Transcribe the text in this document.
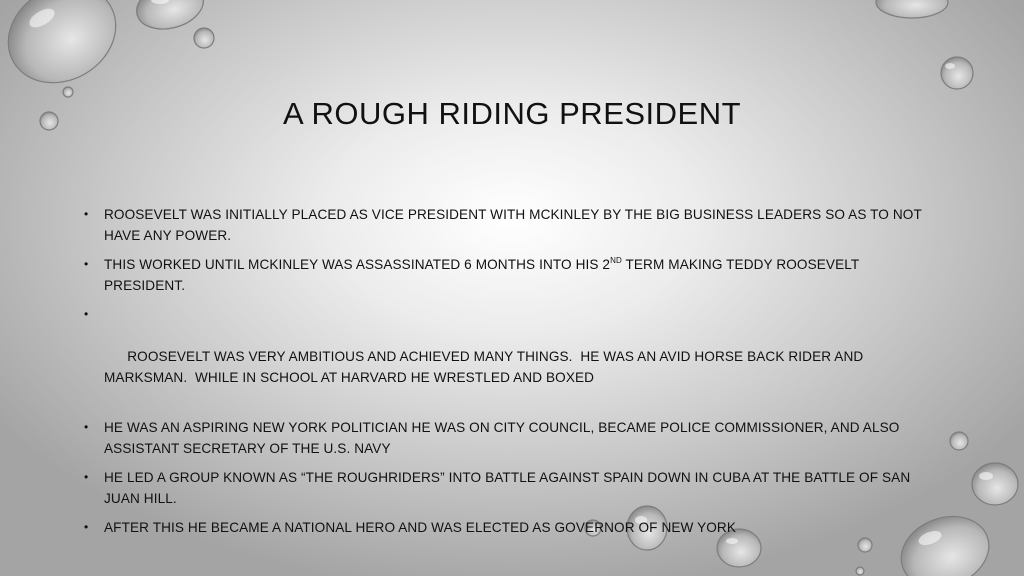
A ROUGH RIDING PRESIDENT
• ROOSEVELT WAS INITIALLY PLACED AS VICE PRESIDENT WITH MCKINLEY BY THE BIG BUSINESS LEADERS SO AS TO NOT HAVE ANY POWER.
• THIS WORKED UNTIL MCKINLEY WAS ASSASSINATED 6 MONTHS INTO HIS 2ND TERM MAKING TEDDY ROOSEVELT PRESIDENT.

•

ROOSEVELT WAS VERY AMBITIOUS AND ACHIEVED MANY THINGS.  HE WAS AN AVID HORSE BACK RIDER AND MARKSMAN.  WHILE IN SCHOOL AT HARVARD HE WRESTLED AND BOXED

• HE WAS AN ASPIRING NEW YORK POLITICIAN HE WAS ON CITY COUNCIL, BECAME POLICE COMMISSIONER, AND ALSO ASSISTANT SECRETARY OF THE U.S. NAVY
• HE LED A GROUP KNOWN AS “THE ROUGHRIDERS” INTO BATTLE AGAINST SPAIN DOWN IN CUBA AT THE BATTLE OF SAN JUAN HILL.
• AFTER THIS HE BECAME A NATIONAL HERO AND WAS ELECTED AS GOVERNOR OF NEW YORK
